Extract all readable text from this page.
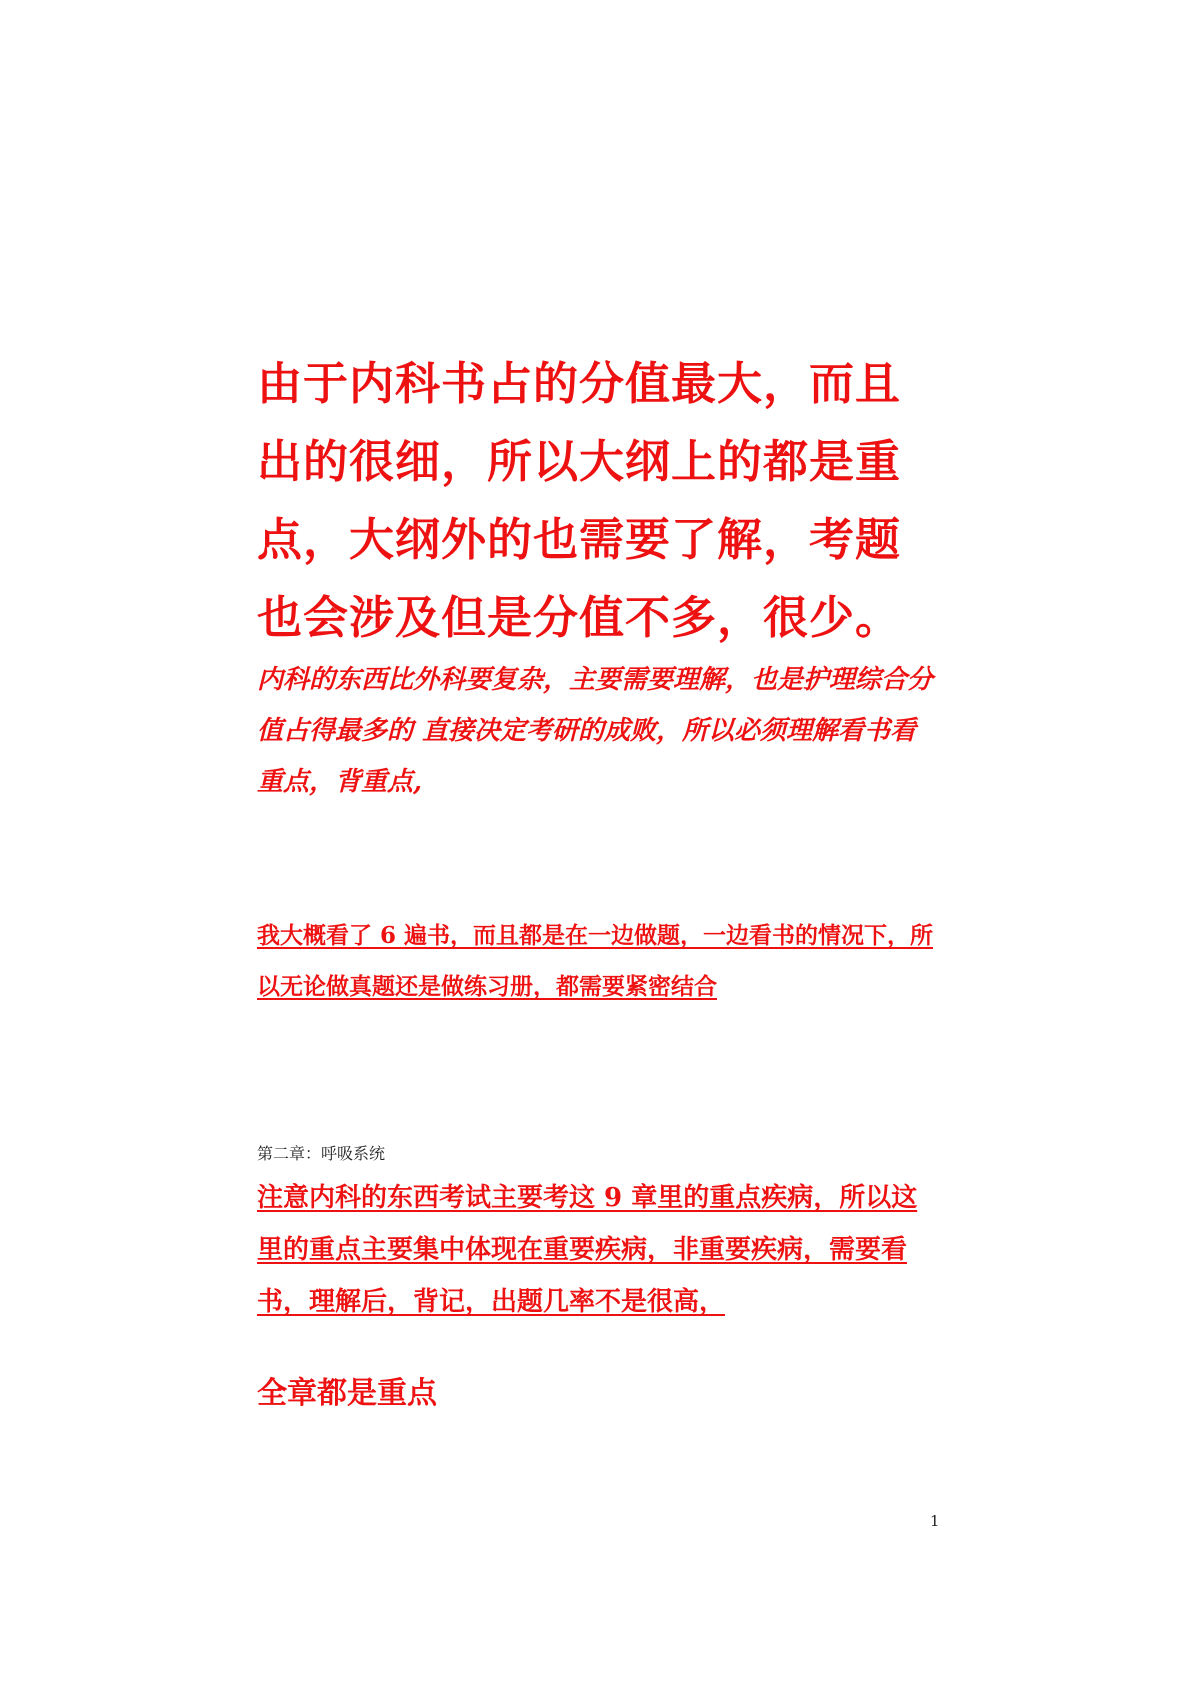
由于内科书占的分值最大，而且出的很细，所以大纲上的都是重点，大纲外的也需要了解，考题也会涉及但是分值不多，很少。

内科的东西比外科要复杂，主要需要理解，也是护理综合分值占得最多的 直接决定考研的成败，所以必须理解看书看重点，背重点,

我大概看了 6 遍书，而且都是在一边做题，一边看书的情况下，所以无论做真题还是做练习册，都需要紧密结合

第二章：呼吸系统

注意内科的东西考试主要考这 9 章里的重点疾病，所以这里的重点主要集中体现在重要疾病，非重要疾病，需要看书，理解后，背记，出题几率不是很高，

全章都是重点

1
